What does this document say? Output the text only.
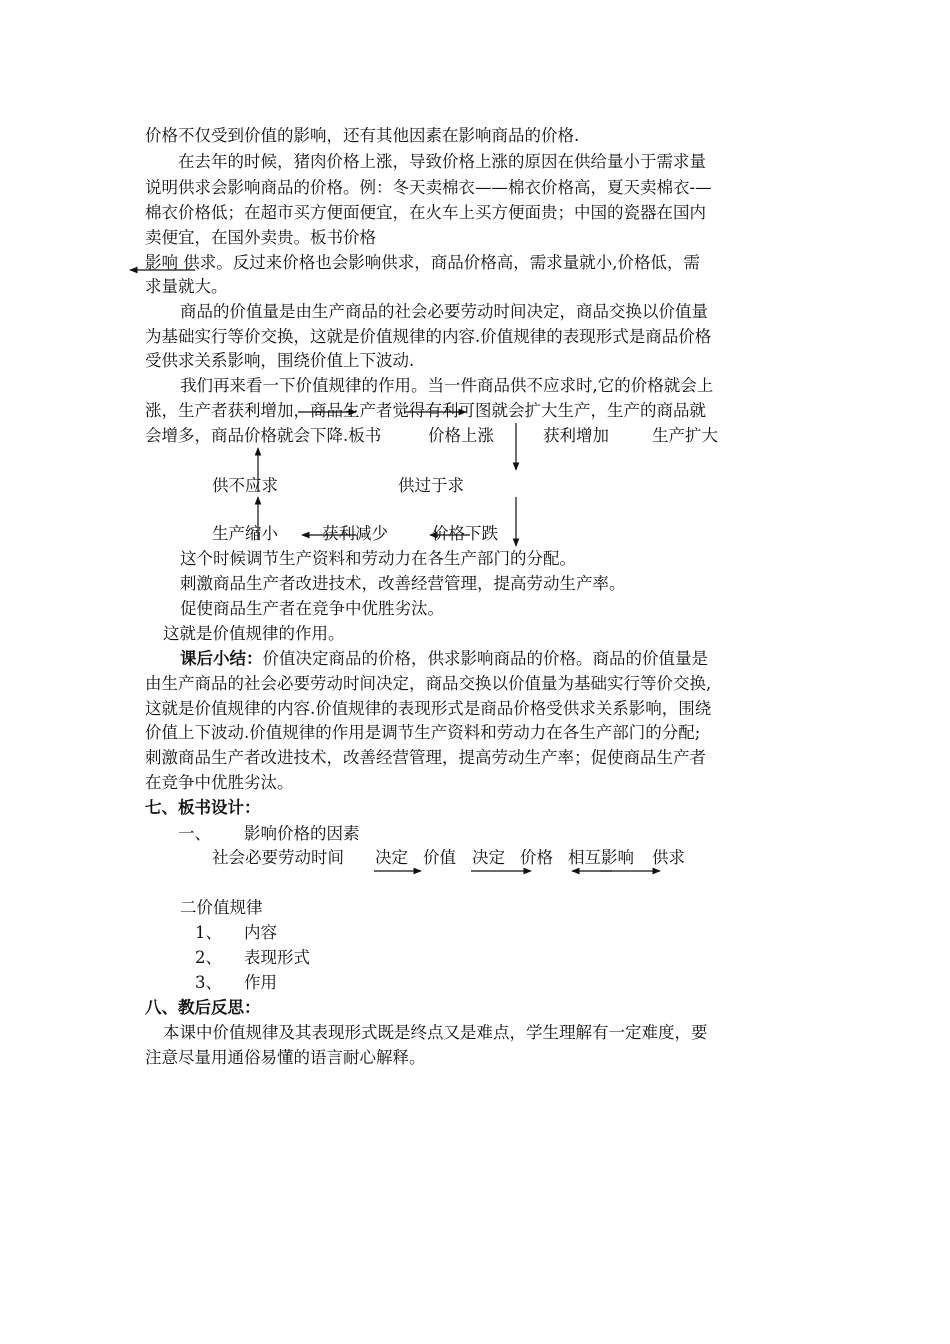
价格不仅受到价值的影响，还有其他因素在影响商品的价格.
在去年的时候，猪肉价格上涨，导致价格上涨的原因在供给量小于需求量
说明供求会影响商品的价格。例：冬天卖棉衣——棉衣价格高，夏天卖棉衣-—
棉衣价格低；在超市买方便面便宜，在火车上买方便面贵；中国的瓷器在国内
卖便宜，在国外卖贵。板书价格
影响 供求。反过来价格也会影响供求，商品价格高，需求量就小,价格低，需
求量就大。
商品的价值量是由生产商品的社会必要劳动时间决定，商品交换以价值量
为基础实行等价交换，这就是价值规律的内容.价值规律的表现形式是商品价格
受供求关系影响，围绕价值上下波动.
我们再来看一下价值规律的作用。当一件商品供不应求时,它的价格就会上
涨，生产者获利增加，商品生产者觉得有利可图就会扩大生产，生产的商品就
会增多，商品价格就会下降.板书	价格上涨	获利增加	生产扩大
供不应求	供过于求
生产缩小	获利减少	价格下跌
这个时候调节生产资料和劳动力在各生产部门的分配。
刺激商品生产者改进技术，改善经营管理，提高劳动生产率。
促使商品生产者在竞争中优胜劣汰。
这就是价值规律的作用。
课后小结：价值决定商品的价格，供求影响商品的价格。商品的价值量是
由生产商品的社会必要劳动时间决定，商品交换以价值量为基础实行等价交换,
这就是价值规律的内容.价值规律的表现形式是商品价格受供求关系影响，围绕
价值上下波动.价值规律的作用是调节生产资料和劳动力在各生产部门的分配;
刺激商品生产者改进技术，改善经营管理，提高劳动生产率；促使商品生产者
在竞争中优胜劣汰。
七、板书设计：
一、 影响价格的因素
社会必要劳动时间 决定 价值 决定 价格 相互影响 供求
二价值规律
1、 内容
2、 表现形式
3、 作用
八、教后反思：
本课中价值规律及其表现形式既是终点又是难点，学生理解有一定难度，要
注意尽量用通俗易懂的语言耐心解释。
